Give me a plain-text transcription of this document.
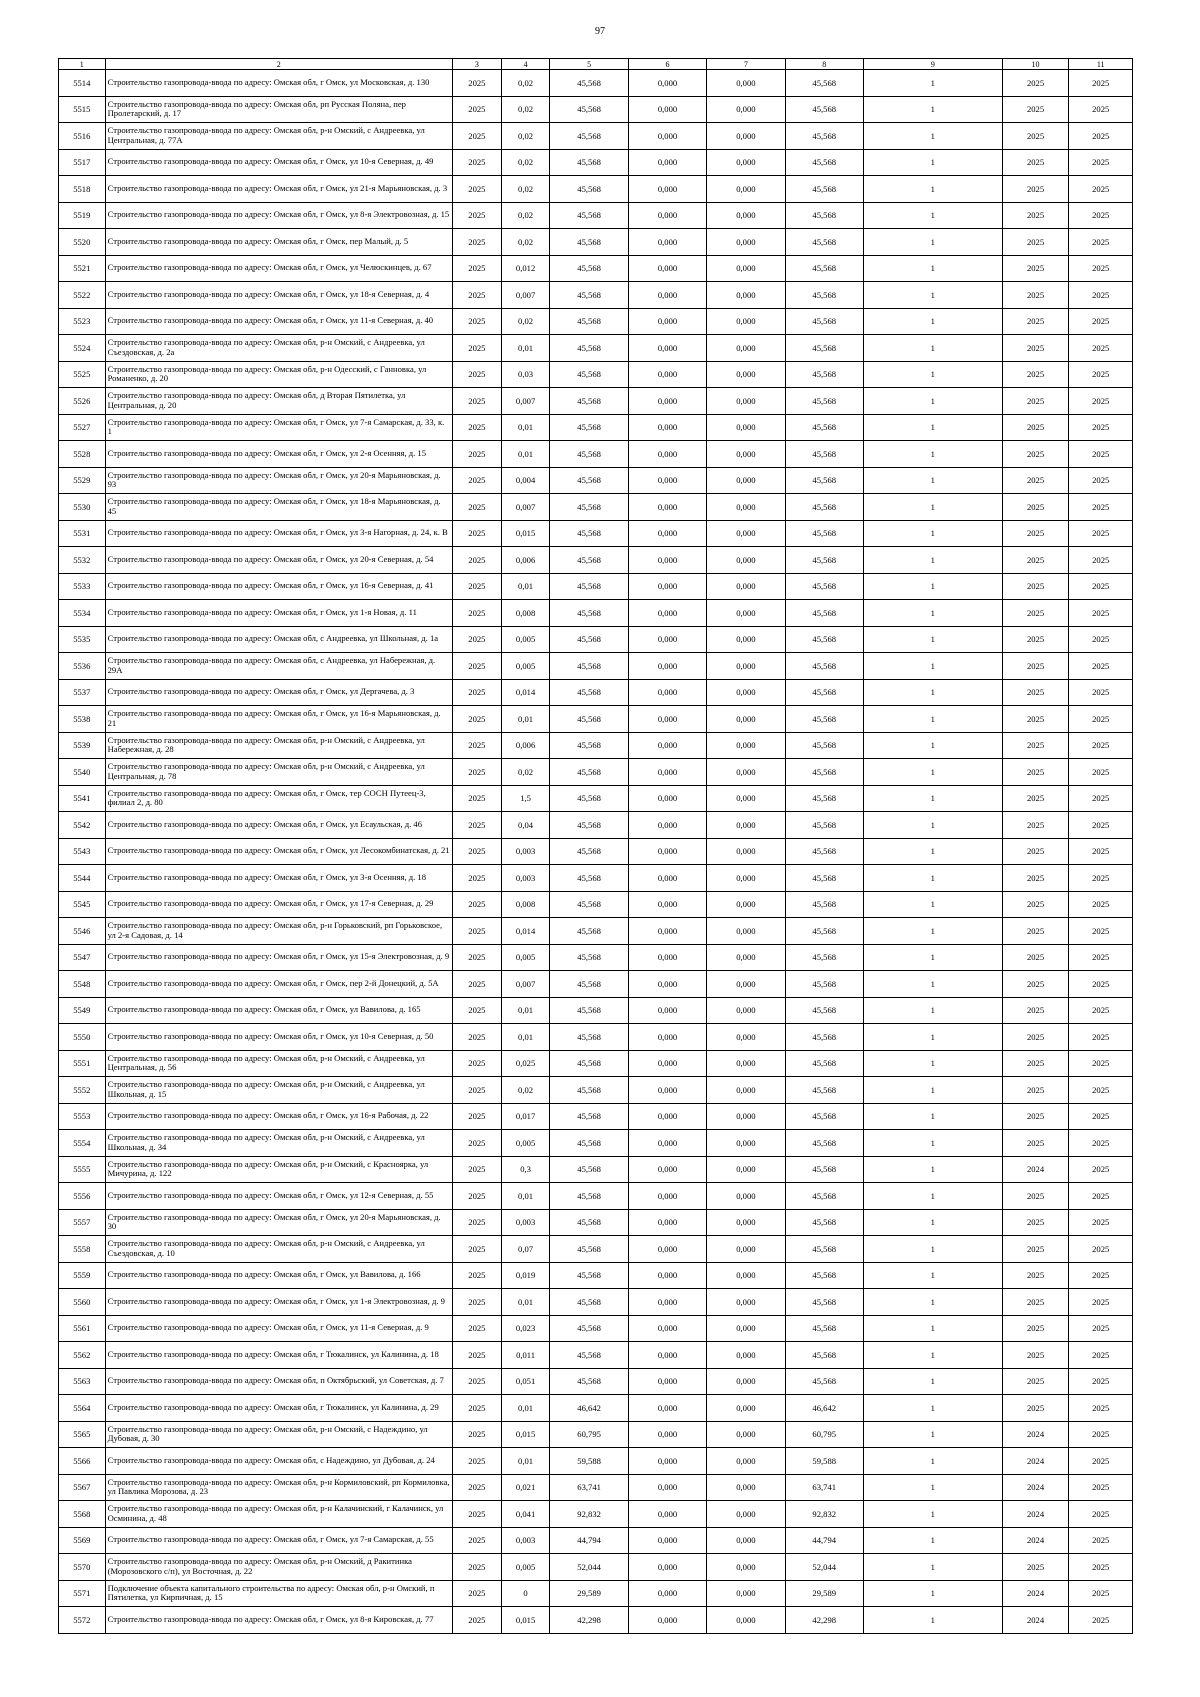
97
1	2	3	4	5	6	7	8	9	10	11
5514	Строительство газопровода-ввода по адресу: Омская обл, г Омск, ул Московская, д. 130	2025	0,02	45,568	0,000	0,000	45,568	1	2025	2025
5515	Строительство газопровода-ввода по адресу: Омская обл, рп Русская Поляна, пер Пролетарский, д. 17	2025	0,02	45,568	0,000	0,000	45,568	1	2025	2025
5516	Строительство газопровода-ввода по адресу: Омская обл, р-н Омский, с Андреевка, ул Центральная, д. 77А	2025	0,02	45,568	0,000	0,000	45,568	1	2025	2025
5517	Строительство газопровода-ввода по адресу: Омская обл, г Омск, ул 10-я Северная, д. 49	2025	0,02	45,568	0,000	0,000	45,568	1	2025	2025
5518	Строительство газопровода-ввода по адресу: Омская обл, г Омск, ул 21-я Марьяновская, д. 3	2025	0,02	45,568	0,000	0,000	45,568	1	2025	2025
5519	Строительство газопровода-ввода по адресу: Омская обл, г Омск, ул 8-я Электровозная, д. 15	2025	0,02	45,568	0,000	0,000	45,568	1	2025	2025
5520	Строительство газопровода-ввода по адресу: Омская обл, г Омск, пер Малый, д. 5	2025	0,02	45,568	0,000	0,000	45,568	1	2025	2025
5521	Строительство газопровода-ввода по адресу: Омская обл, г Омск, ул Челюскинцев, д. 67	2025	0,012	45,568	0,000	0,000	45,568	1	2025	2025
5522	Строительство газопровода-ввода по адресу: Омская обл, г Омск, ул 18-я Северная, д. 4	2025	0,007	45,568	0,000	0,000	45,568	1	2025	2025
5523	Строительство газопровода-ввода по адресу: Омская обл, г Омск, ул 11-я Северная, д. 40	2025	0,02	45,568	0,000	0,000	45,568	1	2025	2025
5524	Строительство газопровода-ввода по адресу: Омская обл, р-н Омский, с Андреевка, ул Съездовская, д. 2а	2025	0,01	45,568	0,000	0,000	45,568	1	2025	2025
5525	Строительство газопровода-ввода по адресу: Омская обл, р-н Одесский, с Ганновка, ул Романенко, д. 20	2025	0,03	45,568	0,000	0,000	45,568	1	2025	2025
5526	Строительство газопровода-ввода по адресу: Омская обл, д Вторая Пятилетка, ул Центральная, д. 20	2025	0,007	45,568	0,000	0,000	45,568	1	2025	2025
5527	Строительство газопровода-ввода по адресу: Омская обл, г Омск, ул 7-я Самарская, д. 33, к. 1	2025	0,01	45,568	0,000	0,000	45,568	1	2025	2025
5528	Строительство газопровода-ввода по адресу: Омская обл, г Омск, ул 2-я Осенняя, д. 15	2025	0,01	45,568	0,000	0,000	45,568	1	2025	2025
5529	Строительство газопровода-ввода по адресу: Омская обл, г Омск, ул 20-я Марьяновская, д. 93	2025	0,004	45,568	0,000	0,000	45,568	1	2025	2025
5530	Строительство газопровода-ввода по адресу: Омская обл, г Омск, ул 18-я Марьяновская, д. 45	2025	0,007	45,568	0,000	0,000	45,568	1	2025	2025
5531	Строительство газопровода-ввода по адресу: Омская обл, г Омск, ул 3-я Нагорная, д. 24, к. В	2025	0,015	45,568	0,000	0,000	45,568	1	2025	2025
5532	Строительство газопровода-ввода по адресу: Омская обл, г Омск, ул 20-я Северная, д. 54	2025	0,006	45,568	0,000	0,000	45,568	1	2025	2025
5533	Строительство газопровода-ввода по адресу: Омская обл, г Омск, ул 16-я Северная, д. 41	2025	0,01	45,568	0,000	0,000	45,568	1	2025	2025
5534	Строительство газопровода-ввода по адресу: Омская обл, г Омск, ул 1-я Новая, д. 11	2025	0,008	45,568	0,000	0,000	45,568	1	2025	2025
5535	Строительство газопровода-ввода по адресу: Омская обл, с Андреевка, ул Школьная, д. 1а	2025	0,005	45,568	0,000	0,000	45,568	1	2025	2025
5536	Строительство газопровода-ввода по адресу: Омская обл, с Андреевка, ул Набережная, д. 29А	2025	0,005	45,568	0,000	0,000	45,568	1	2025	2025
5537	Строительство газопровода-ввода по адресу: Омская обл, г Омск, ул Дергачева, д. 3	2025	0,014	45,568	0,000	0,000	45,568	1	2025	2025
5538	Строительство газопровода-ввода по адресу: Омская обл, г Омск, ул 16-я Марьяновская, д. 21	2025	0,01	45,568	0,000	0,000	45,568	1	2025	2025
5539	Строительство газопровода-ввода по адресу: Омская обл, р-н Омский, с Андреевка, ул Набережная, д. 28	2025	0,006	45,568	0,000	0,000	45,568	1	2025	2025
5540	Строительство газопровода-ввода по адресу: Омская обл, р-н Омский, с Андреевка, ул Центральная, д. 78	2025	0,02	45,568	0,000	0,000	45,568	1	2025	2025
5541	Строительство газопровода-ввода по адресу: Омская обл, г Омск, тер СОСН Путеец-3, филиал 2, д. 80	2025	1,5	45,568	0,000	0,000	45,568	1	2025	2025
5542	Строительство газопровода-ввода по адресу: Омская обл, г Омск, ул Есаульская, д. 46	2025	0,04	45,568	0,000	0,000	45,568	1	2025	2025
5543	Строительство газопровода-ввода по адресу: Омская обл, г Омск, ул Лесокомбинатская, д. 21	2025	0,003	45,568	0,000	0,000	45,568	1	2025	2025
5544	Строительство газопровода-ввода по адресу: Омская обл, г Омск, ул 3-я Осенняя, д. 18	2025	0,003	45,568	0,000	0,000	45,568	1	2025	2025
5545	Строительство газопровода-ввода по адресу: Омская обл, г Омск, ул 17-я Северная, д. 29	2025	0,008	45,568	0,000	0,000	45,568	1	2025	2025
5546	Строительство газопровода-ввода по адресу: Омская обл, р-н Горьковский, рп Горьковское, ул 2-я Садовая, д. 14	2025	0,014	45,568	0,000	0,000	45,568	1	2025	2025
5547	Строительство газопровода-ввода по адресу: Омская обл, г Омск, ул 15-я Электровозная, д. 9	2025	0,005	45,568	0,000	0,000	45,568	1	2025	2025
5548	Строительство газопровода-ввода по адресу: Омская обл, г Омск, пер 2-й Донецкий, д. 5А	2025	0,007	45,568	0,000	0,000	45,568	1	2025	2025
5549	Строительство газопровода-ввода по адресу: Омская обл, г Омск, ул Вавилова, д. 165	2025	0,01	45,568	0,000	0,000	45,568	1	2025	2025
5550	Строительство газопровода-ввода по адресу: Омская обл, г Омск, ул 10-я Северная, д. 50	2025	0,01	45,568	0,000	0,000	45,568	1	2025	2025
5551	Строительство газопровода-ввода по адресу: Омская обл, р-н Омский, с Андреевка, ул Центральная, д. 56	2025	0,025	45,568	0,000	0,000	45,568	1	2025	2025
5552	Строительство газопровода-ввода по адресу: Омская обл, р-н Омский, с Андреевка, ул Школьная, д. 15	2025	0,02	45,568	0,000	0,000	45,568	1	2025	2025
5553	Строительство газопровода-ввода по адресу: Омская обл, г Омск, ул 16-я Рабочая, д. 22	2025	0,017	45,568	0,000	0,000	45,568	1	2025	2025
5554	Строительство газопровода-ввода по адресу: Омская обл, р-н Омский, с Андреевка, ул Школьная, д. 34	2025	0,005	45,568	0,000	0,000	45,568	1	2025	2025
5555	Строительство газопровода-ввода по адресу: Омская обл, р-н Омский, с Красноярка, ул Мичурина, д. 122	2025	0,3	45,568	0,000	0,000	45,568	1	2024	2025
5556	Строительство газопровода-ввода по адресу: Омская обл, г Омск, ул 12-я Северная, д. 55	2025	0,01	45,568	0,000	0,000	45,568	1	2025	2025
5557	Строительство газопровода-ввода по адресу: Омская обл, г Омск, ул 20-я Марьяновская, д. 30	2025	0,003	45,568	0,000	0,000	45,568	1	2025	2025
5558	Строительство газопровода-ввода по адресу: Омская обл, р-н Омский, с Андреевка, ул Съездовская, д. 10	2025	0,07	45,568	0,000	0,000	45,568	1	2025	2025
5559	Строительство газопровода-ввода по адресу: Омская обл, г Омск, ул Вавилова, д. 166	2025	0,019	45,568	0,000	0,000	45,568	1	2025	2025
5560	Строительство газопровода-ввода по адресу: Омская обл, г Омск, ул 1-я Электровозная, д. 9	2025	0,01	45,568	0,000	0,000	45,568	1	2025	2025
5561	Строительство газопровода-ввода по адресу: Омская обл, г Омск, ул 11-я Северная, д. 9	2025	0,023	45,568	0,000	0,000	45,568	1	2025	2025
5562	Строительство газопровода-ввода по адресу: Омская обл, г Тюкалинск, ул Калинина, д. 18	2025	0,011	45,568	0,000	0,000	45,568	1	2025	2025
5563	Строительство газопровода-ввода по адресу: Омская обл, п Октябрьский, ул Советская, д. 7	2025	0,051	45,568	0,000	0,000	45,568	1	2025	2025
5564	Строительство газопровода-ввода по адресу: Омская обл, г Тюкалинск, ул Калинина, д. 29	2025	0,01	46,642	0,000	0,000	46,642	1	2025	2025
5565	Строительство газопровода-ввода по адресу: Омская обл, р-н Омский, с Надеждино, ул Дубовая, д. 30	2025	0,015	60,795	0,000	0,000	60,795	1	2024	2025
5566	Строительство газопровода-ввода по адресу: Омская обл, с Надеждино, ул Дубовая, д. 24	2025	0,01	59,588	0,000	0,000	59,588	1	2024	2025
5567	Строительство газопровода-ввода по адресу: Омская обл, р-н Кормиловский, рп Кормиловка, ул Павлика Морозова, д. 23	2025	0,021	63,741	0,000	0,000	63,741	1	2024	2025
5568	Строительство газопровода-ввода по адресу: Омская обл, р-н Калачинский, г Калачинск, ул Осминина, д. 48	2025	0,041	92,832	0,000	0,000	92,832	1	2024	2025
5569	Строительство газопровода-ввода по адресу: Омская обл, г Омск, ул 7-я Самарская, д. 55	2025	0,003	44,794	0,000	0,000	44,794	1	2024	2025
5570	Строительство газопровода-ввода по адресу: Омская обл, р-н Омский, д Ракитинка (Морозовского с/п), ул Восточная, д. 22	2025	0,005	52,044	0,000	0,000	52,044	1	2025	2025
5571	Подключение объекта капитального строительства по адресу: Омская обл, р-н Омский, п Пятилетка, ул Кирпичная, д. 15	2025	0	29,589	0,000	0,000	29,589	1	2024	2025
5572	Строительство газопровода-ввода по адресу: Омская обл, г Омск, ул 8-я Кировская, д. 77	2025	0,015	42,298	0,000	0,000	42,298	1	2024	2025
